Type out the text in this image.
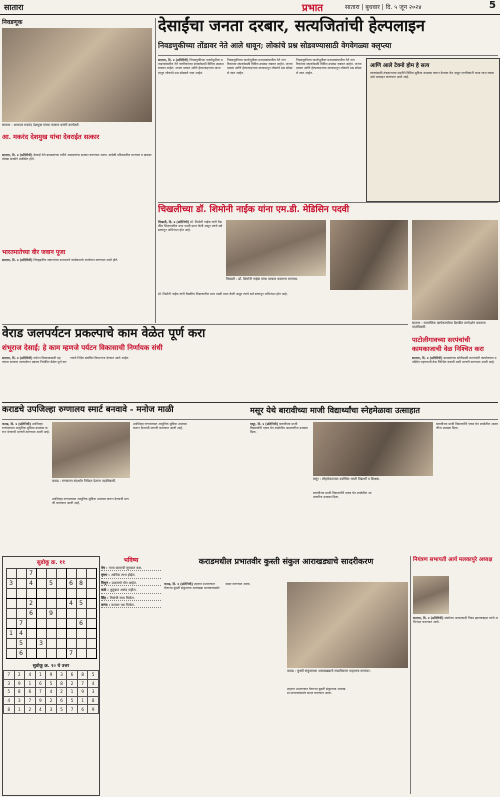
सातारा	प्रभात	सातारा | बुधवार | दि. ५ जून २०२४	5
निवडणूक
सातारा : आमदार मकरंद देशमुख यांच्या सत्कार प्रसंगी कार्यकर्ते.
आ. मकरंद देशमुख यांचा देवराईत सत्कार
सातारा, दि. ४ (प्रतिनिधी) देवराई येथे ग्रामस्थांच्या वतीने आमदारांचा सत्कार करण्यात आला. यावेळी परिसरातील मान्यवर व ग्रामस्थ मोठ्या संख्येने उपस्थित होते.
भारतमातेच्या वीर जवान पूजा
सातारा, दि. ४ (प्रतिनिधी) जिल्ह्यातील जवानांच्या सन्मानार्थ कार्यक्रमाचे आयोजन करण्यात आले होते.
देसाईंचा जनता दरबार, सत्यजितांची हेल्पलाइन
निवडणुकीच्या तोंडावर नेते आले धावून; लोकांचे प्रश्न सोडवण्यासाठी वेगवेगळ्या क्लृप्त्या
सातारा, दि. ४ (प्रतिनिधी) निवडणुकीच्या पार्श्वभूमीवर मतदारसंघातील नेते नागरिकांच्या संपर्कासाठी विविध उपक्रम राबवत आहेत. जनता दरबार आणि हेल्पलाइनच्या माध्यमातून लोकांचे प्रश्न सोडवले जात आहेत.
निवडणुकीच्या पार्श्वभूमीवर मतदारसंघातील नेते नागरिकांच्या संपर्कासाठी विविध उपक्रम राबवत आहेत. जनता दरबार आणि हेल्पलाइनच्या माध्यमातून लोकांचे प्रश्न सोडवले जात आहेत.
निवडणुकीच्या पार्श्वभूमीवर मतदारसंघातील नेते नागरिकांच्या संपर्कासाठी विविध उपक्रम राबवत आहेत. जनता दरबार आणि हेल्पलाइनच्या माध्यमातून लोकांचे प्रश्न सोडवले जात आहेत.
आणि आले टेक्नो होम हे सत्य
तरुणांसाठी तंत्रज्ञानाच्या मदतीने विविध सुविधा उपलब्ध करून देण्यात येत असून नागरिकांनी याचा लाभ घ्यावा असे आवाहन करण्यात आले आहे.
चिखलीच्या डॉ. शिमोनी नाईक यांना एम.डी. मेडिसिन पदवी
चिखली, दि. ४ (प्रतिनिधी) डॉ. शिमोनी नाईक यांनी वैद्यकीय शिक्षणातील उच्च पदवी प्राप्त केली असून त्यांचे सर्व स्तरांतून अभिनंदन होत आहे.
चिखली : डॉ. शिमोनी नाईक यांचा सत्कार करताना मान्यवर.
डॉ. शिमोनी नाईक यांनी वैद्यकीय शिक्षणातील उच्च पदवी प्राप्त केली असून त्यांचे सर्व स्तरांतून अभिनंदन होत आहे.
सातारा : सामाजिक कार्यकर्त्यांच्या बैठकीत मार्गदर्शन करताना पदाधिकारी.
पाटोलीगावच्या सरपंचांची कामकाजाची वेळ निश्चित करा
सातारा, दि. ४ (प्रतिनिधी) ग्रामस्थांच्या सोयीसाठी सरपंचांनी कार्यालयात उपस्थित राहण्याची वेळ निश्चित करावी अशी मागणी करण्यात आली आहे.
वेराड जलपर्यटन प्रकल्पाचे काम वेळेत पूर्ण करा
शंभूराज देसाई; हे काम म्हणजे पर्यटन विकासाची निर्णायक संधी
सातारा, दि. ४ (प्रतिनिधी) पर्यटन विकासासाठी महत्त्वाचा ठरणारा जलपर्यटन प्रकल्प निर्धारित वेळेत पूर्ण करण्याचे निर्देश संबंधित विभागांना देण्यात आले आहेत.
कराडचे उपजिल्हा रुग्णालय स्मार्ट बनवावे - मनोज माळी	मसूर येथे बारावीच्या माजी विद्यार्थ्यांचा स्नेहमेळावा उत्साहात
कराड, दि. ४ (प्रतिनिधी) उपजिल्हा रुग्णालयात आधुनिक सुविधा उपलब्ध करून देण्याची मागणी करण्यात आली आहे.
कराड : रुग्णालय संदर्भात निवेदन देताना पदाधिकारी.
उपजिल्हा रुग्णालयात आधुनिक सुविधा उपलब्ध करून देण्याची मागणी करण्यात आली आहे.
उपजिल्हा रुग्णालयात आधुनिक सुविधा उपलब्ध करून देण्याची मागणी करण्यात आली आहे.
मसूर, दि. ४ (प्रतिनिधी) बारावीच्या माजी विद्यार्थ्यांनी एकत्र येत शाळेतील आठवणींना उजाळा दिला.
मसूर : स्नेहमेळाव्यात उपस्थित माजी विद्यार्थी व शिक्षक.
बारावीच्या माजी विद्यार्थ्यांनी एकत्र येत शाळेतील आठवणींना उजाळा दिला.
बारावीच्या माजी विद्यार्थ्यांनी एकत्र येत शाळेतील आठवणींना उजाळा दिला.
सुडोकू क्र. ११
		7						
3		4		5		6	8	

		2				4	5	
		6		9				
	7						6	
1	4							
	5		3					
	6					7		
सुडोकू क्र. १० चे उत्तर
7	2	4	1	9	3	6	8	5
3	9	1	6	5	8	2	7	4
5	8	6	7	4	2	1	9	3
4	3	7	9	2	6	5	1	8
8	1	2	4	3	5	7	6	9
भविष्य
मेष : नव्या कामाची सुरुवात करा.
वृषभ : आर्थिक लाभ होईल.
मिथुन : प्रवासाचे योग आहेत.
कर्क : कुटुंबात आनंद राहील.
सिंह : मित्रांची साथ मिळेल.
कन्या : कामात यश मिळेल.
कराडमधील प्रभातवीर कुस्ती संकुल आराखड्याचे सादरीकरण
कराड, दि. ४ (प्रतिनिधी) शहरात उभारण्यात येणाऱ्या कुस्ती संकुलाचा आराखडा मान्यवरांसमोर सादर करण्यात आला.
कराड : कुस्ती संकुलाच्या आराखड्याचे सादरीकरण पाहताना मान्यवर.
शहरात उभारण्यात येणाऱ्या कुस्ती संकुलाचा आराखडा मान्यवरांसमोर सादर करण्यात आला.
नियंत्रण सभापती आर्य मलकापुरे अध्यक्ष
सातारा, दि. ४ (प्रतिनिधी) संस्थेच्या अध्यक्षपदी निवड झाल्याबद्दल त्यांचे अभिनंदन करण्यात आले.
